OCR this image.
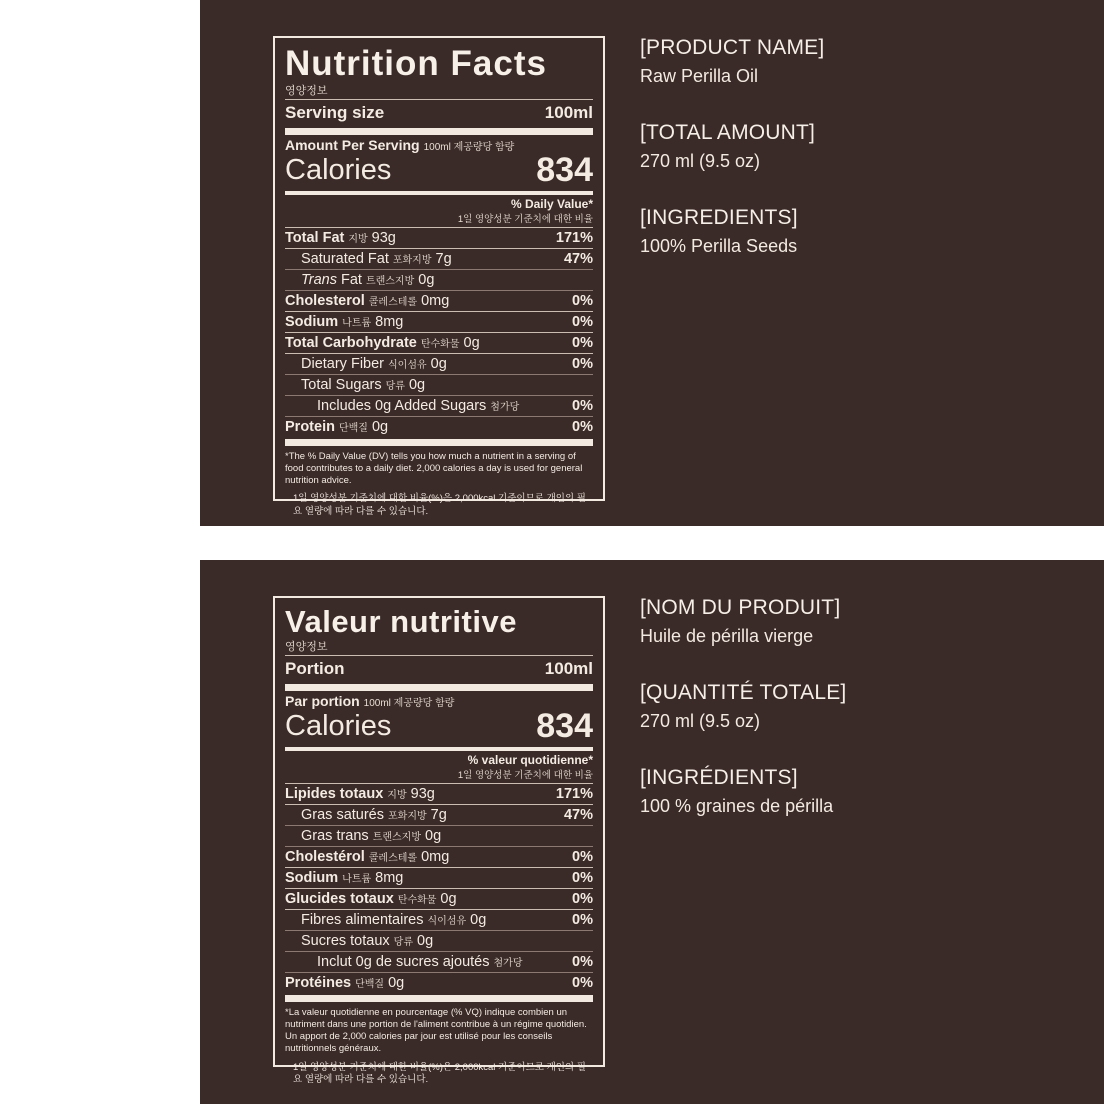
Nutrition Facts
영양정보
Serving size	100ml
Amount Per Serving 100ml 제공량당 함량
Calories	834
% Daily Value*
1일 영양성분 기준치에 대한 비율
Total Fat 지방 93g	171%
Saturated Fat 포화지방 7g	47%
Trans Fat 트랜스지방 0g
Cholesterol 콜레스테롤 0mg	0%
Sodium 나트륨 8mg	0%
Total Carbohydrate 탄수화물 0g	0%
Dietary Fiber 식이섬유 0g	0%
Total Sugars 당류 0g
Includes 0g Added Sugars 첨가당	0%
Protein 단백질 0g	0%

*The % Daily Value (DV) tells you how much a nutrient in a serving of food contributes to a daily diet. 2,000 calories a day is used for general nutrition advice.

1일 영양성분 기준치에 대한 비율(%)은 2,000kcal 기준이므로 개인의 필요 열량에 따라 다를 수 있습니다.

[PRODUCT NAME]

Raw Perilla Oil

[TOTAL AMOUNT]

270 ml (9.5 oz)

[INGREDIENTS]

100% Perilla Seeds

Valeur nutritive
영양정보
Portion	100ml
Par portion 100ml 제공량당 함량
Calories	834
% valeur quotidienne*
1일 영양성분 기준치에 대한 비율
Lipides totaux 지방 93g	171%
Gras saturés 포화지방 7g	47%
Gras trans 트랜스지방 0g
Cholestérol 콜레스테롤 0mg	0%
Sodium 나트륨 8mg	0%
Glucides totaux 탄수화물 0g	0%
Fibres alimentaires 식이섬유 0g	0%
Sucres totaux 당류 0g
Inclut 0g de sucres ajoutés 첨가당	0%
Protéines 단백질 0g	0%

*La valeur quotidienne en pourcentage (% VQ) indique combien un nutriment dans une portion de l'aliment contribue à un régime quotidien. Un apport de 2,000 calories par jour est utilisé pour les conseils nutritionnels généraux.

1일 영양성분 기준치에 대한 비율(%)은 2,000kcal 기준이므로 개인의 필요 열량에 따라 다를 수 있습니다.

[NOM DU PRODUIT]

Huile de périlla vierge

[QUANTITÉ TOTALE]

270 ml (9.5 oz)

[INGRÉDIENTS]

100 % graines de périlla
